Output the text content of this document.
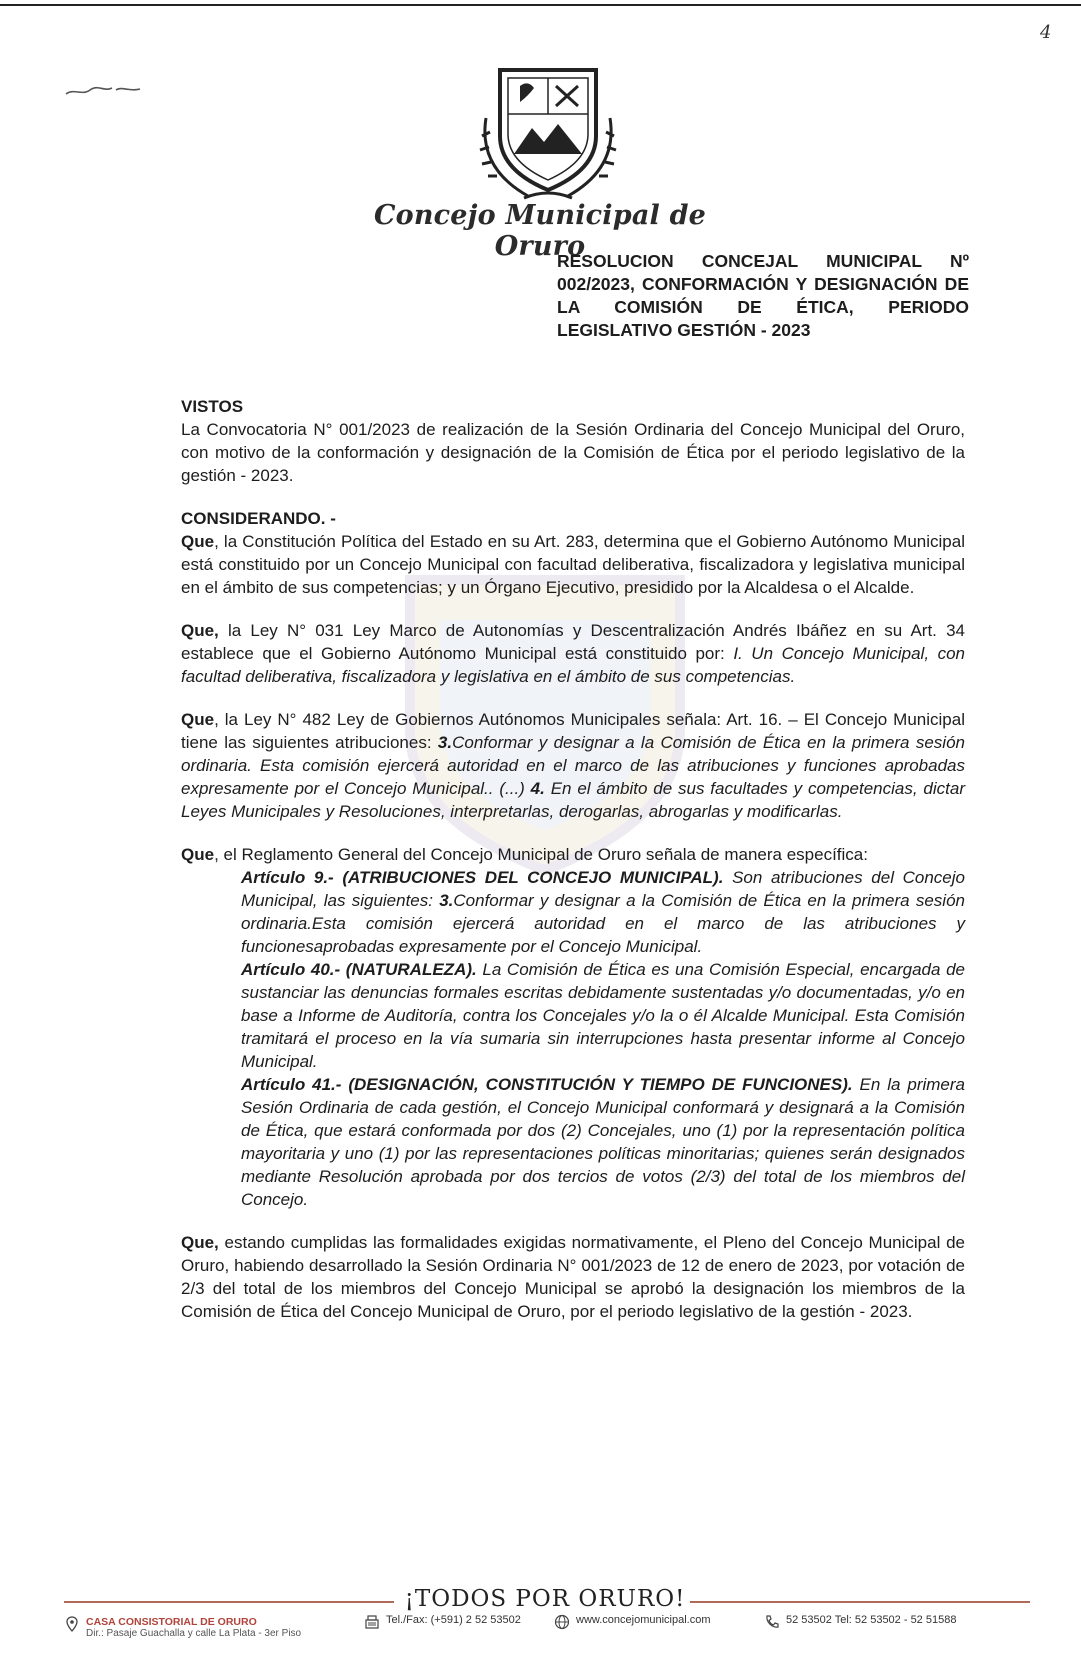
4
Concejo Municipal de Oruro
RESOLUCION CONCEJAL MUNICIPAL Nº 002/2023, CONFORMACIÓN Y DESIGNACIÓN DE LA COMISIÓN DE ÉTICA, PERIODO LEGISLATIVO GESTIÓN - 2023

VISTOS

La Convocatoria N° 001/2023 de realización de la Sesión Ordinaria del Concejo Municipal del Oruro, con motivo de la conformación y designación de la Comisión de Ética por el periodo legislativo de la gestión - 2023.

CONSIDERANDO. -

Que, la Constitución Política del Estado en su Art. 283, determina que el Gobierno Autónomo Municipal está constituido por un Concejo Municipal con facultad deliberativa, fiscalizadora y legislativa municipal en el ámbito de sus competencias; y un Órgano Ejecutivo, presidido por la Alcaldesa o el Alcalde.

Que, la Ley N° 031 Ley Marco de Autonomías y Descentralización Andrés Ibáñez en su Art. 34 establece que el Gobierno Autónomo Municipal está constituido por: I. Un Concejo Municipal, con facultad deliberativa, fiscalizadora y legislativa en el ámbito de sus competencias.

Que, la Ley N° 482 Ley de Gobiernos Autónomos Municipales señala: Art. 16. – El Concejo Municipal tiene las siguientes atribuciones: 3.Conformar y designar a la Comisión de Ética en la primera sesión ordinaria. Esta comisión ejercerá autoridad en el marco de las atribuciones y funciones aprobadas expresamente por el Concejo Municipal.. (...) 4. En el ámbito de sus facultades y competencias, dictar Leyes Municipales y Resoluciones, interpretarlas, derogarlas, abrogarlas y modificarlas.

Que, el Reglamento General del Concejo Municipal de Oruro señala de manera específica:

Artículo 9.- (ATRIBUCIONES DEL CONCEJO MUNICIPAL). Son atribuciones del Concejo Municipal, las siguientes: 3.Conformar y designar a la Comisión de Ética en la primera sesión ordinaria.Esta comisión ejercerá autoridad en el marco de las atribuciones y funcionesaprobadas expresamente por el Concejo Municipal.

Artículo 40.- (NATURALEZA). La Comisión de Ética es una Comisión Especial, encargada de sustanciar las denuncias formales escritas debidamente sustentadas y/o documentadas, y/o en base a Informe de Auditoría, contra los Concejales y/o la o él Alcalde Municipal. Esta Comisión tramitará el proceso en la vía sumaria sin interrupciones hasta presentar informe al Concejo Municipal.

Artículo 41.- (DESIGNACIÓN, CONSTITUCIÓN Y TIEMPO DE FUNCIONES). En la primera Sesión Ordinaria de cada gestión, el Concejo Municipal conformará y designará a la Comisión de Ética, que estará conformada por dos (2) Concejales, uno (1) por la representación política mayoritaria y uno (1) por las representaciones políticas minoritarias; quienes serán designados mediante Resolución aprobada por dos tercios de votos (2/3) del total de los miembros del Concejo.

Que, estando cumplidas las formalidades exigidas normativamente, el Pleno del Concejo Municipal de Oruro, habiendo desarrollado la Sesión Ordinaria N° 001/2023 de 12 de enero de 2023, por votación de 2/3 del total de los miembros del Concejo Municipal se aprobó la designación los miembros de la Comisión de Ética del Concejo Municipal de Oruro, por el periodo legislativo de la gestión - 2023.

¡TODOS POR ORURO!
CASA CONSISTORIAL DE ORURO
Dir.: Pasaje Guachalla y calle La Plata - 3er Piso
Tel./Fax: (+591) 2 52 53502	www.concejomunicipal.com	52 53502 Tel: 52 53502 - 52 51588
